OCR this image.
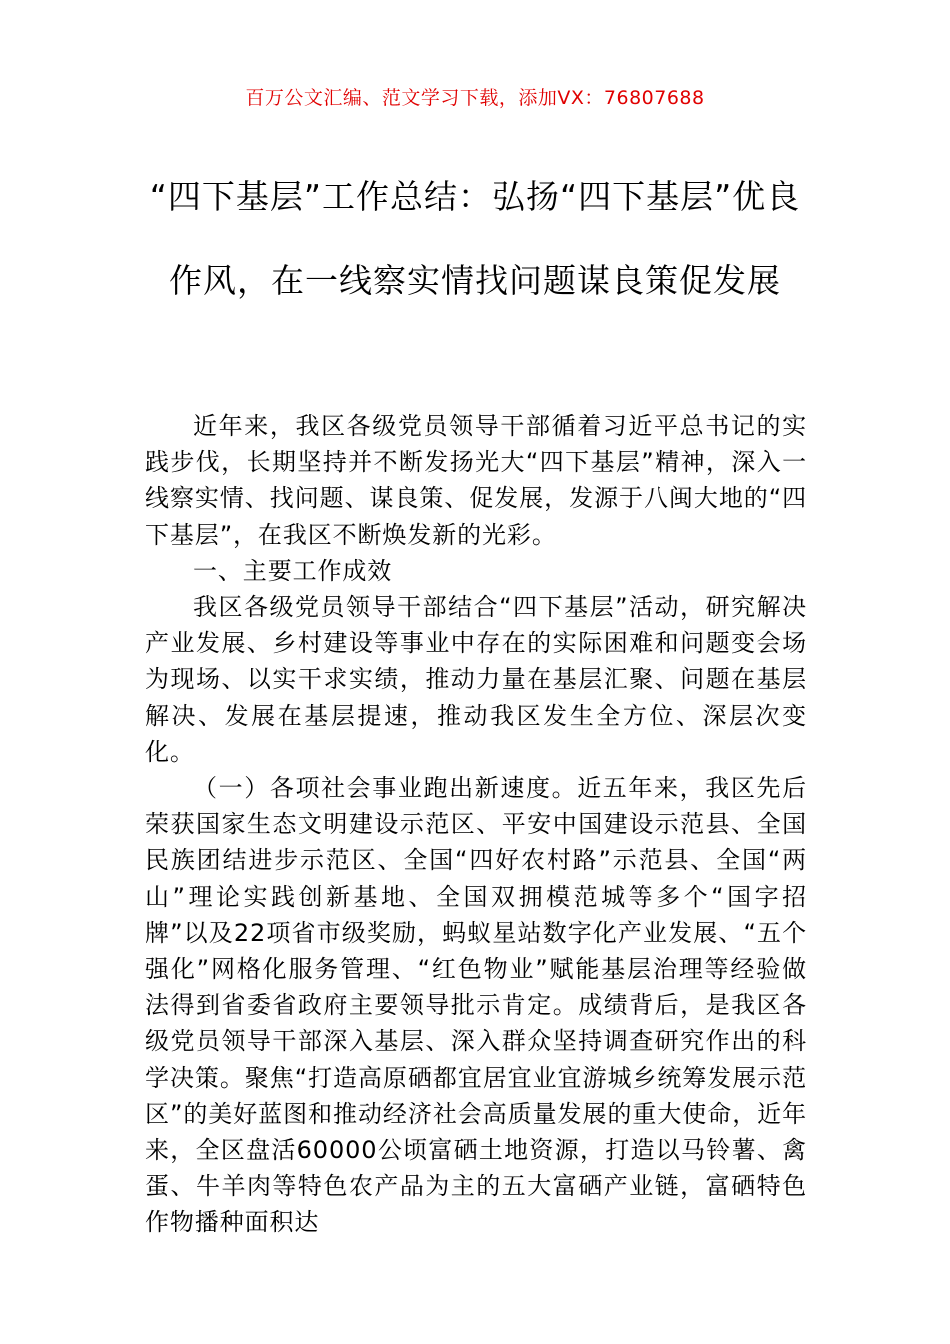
百万公文汇编、范文学习下载，添加VX：76807688
“四下基层”工作总结：弘扬“四下基层”优良作风，在一线察实情找问题谋良策促发展

近年来，我区各级党员领导干部循着习近平总书记的实践步伐，长期坚持并不断发扬光大“四下基层”精神，深入一线察实情、找问题、谋良策、促发展，发源于八闽大地的“四下基层”，在我区不断焕发新的光彩。

一、主要工作成效

我区各级党员领导干部结合“四下基层”活动，研究解决产业发展、乡村建设等事业中存在的实际困难和问题变会场为现场、以实干求实绩，推动力量在基层汇聚、问题在基层解决、发展在基层提速，推动我区发生全方位、深层次变化。

（一）各项社会事业跑出新速度。近五年来，我区先后荣获国家生态文明建设示范区、平安中国建设示范县、全国民族团结进步示范区、全国“四好农村路”示范县、全国“两山”理论实践创新基地、全国双拥模范城等多个“国字招牌”以及22项省市级奖励，蚂蚁星站数字化产业发展、“五个强化”网格化服务管理、“红色物业”赋能基层治理等经验做法得到省委省政府主要领导批示肯定。成绩背后，是我区各级党员领导干部深入基层、深入群众坚持调查研究作出的科学决策。聚焦“打造高原硒都宜居宜业宜游城乡统筹发展示范区”的美好蓝图和推动经济社会高质量发展的重大使命，近年来，全区盘活60000公顷富硒土地资源，打造以马铃薯、禽蛋、牛羊肉等特色农产品为主的五大富硒产业链，富硒特色作物播种面积达
